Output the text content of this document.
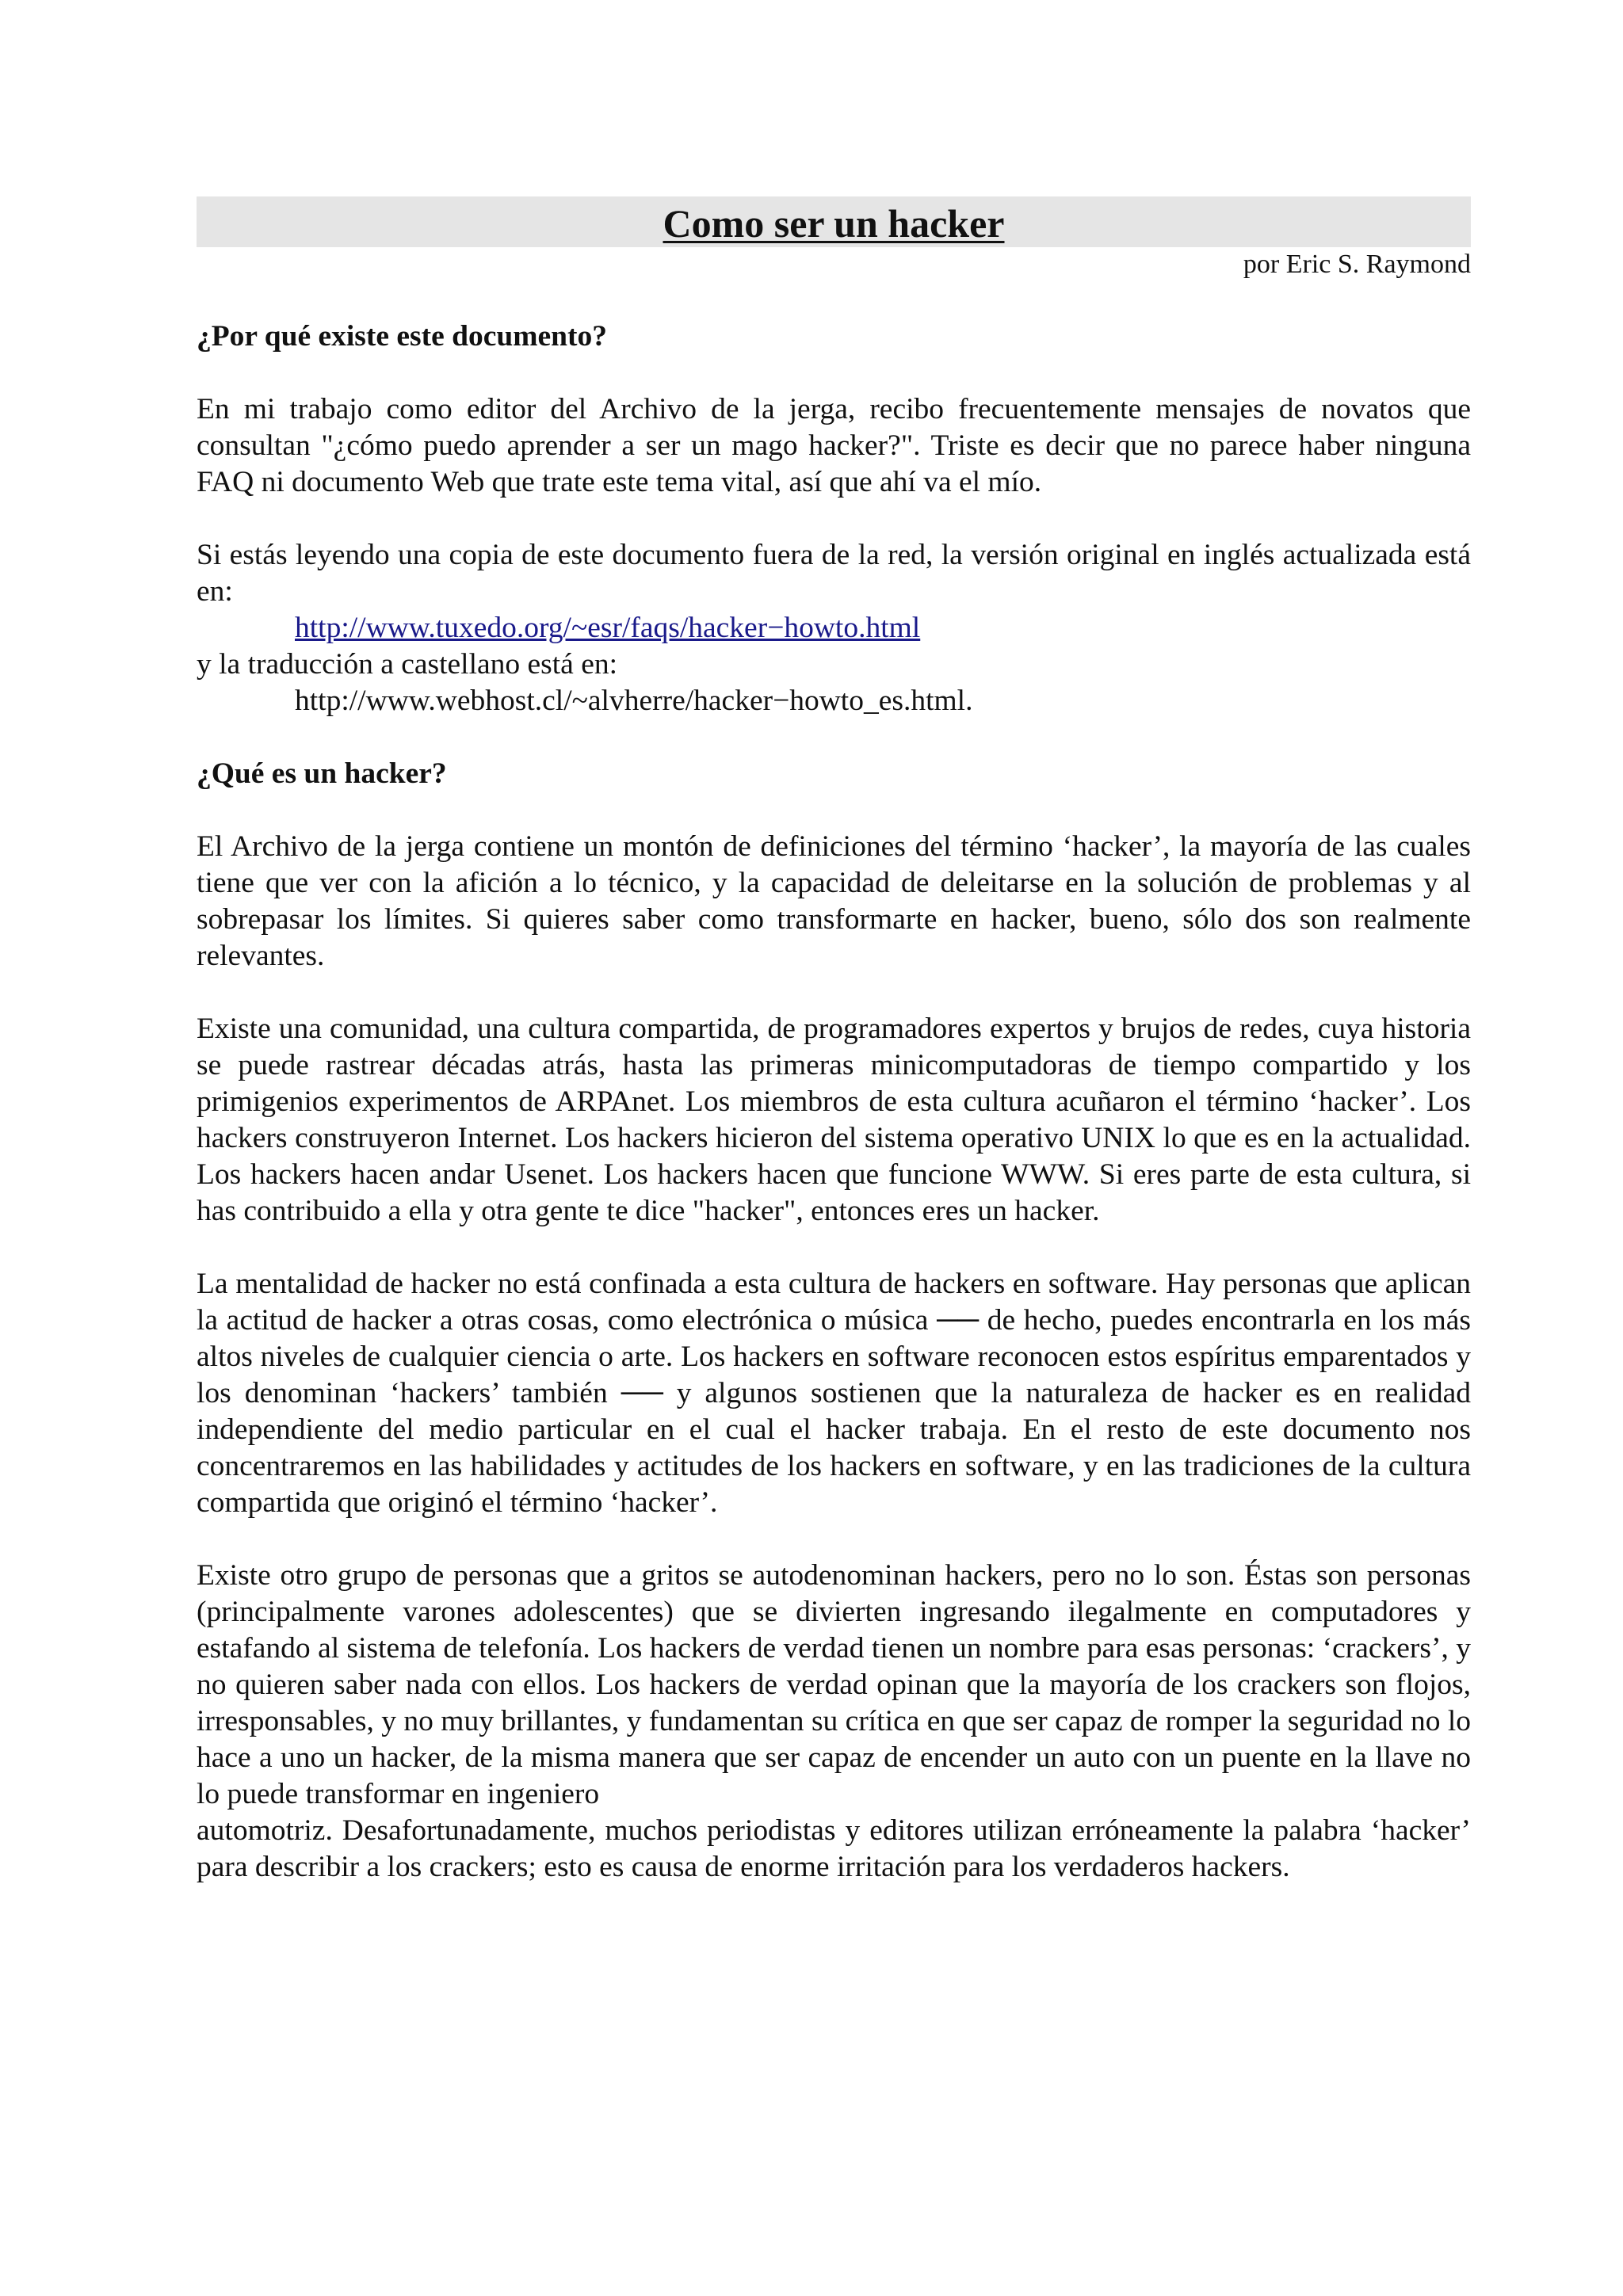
Como ser un hacker
por Eric S. Raymond
¿Por qué existe este documento?

En mi trabajo como editor del Archivo de la jerga, recibo frecuentemente mensajes de novatos que consultan "¿cómo puedo aprender a ser un mago hacker?". Triste es decir que no parece haber ninguna FAQ ni documento Web que trate este tema vital, así que ahí va el mío.

Si estás leyendo una copia de este documento fuera de la red, la versión original en inglés actualizada está en:

http://www.tuxedo.org/~esr/faqs/hacker−howto.html

y la traducción a castellano está en:

http://www.webhost.cl/~alvherre/hacker−howto_es.html.
¿Qué es un hacker?

El Archivo de la jerga contiene un montón de definiciones del término ‘hacker’, la mayoría de las cuales tiene que ver con la afición a lo técnico, y la capacidad de deleitarse en la solución de problemas y al sobrepasar los límites. Si quieres saber como transformarte en hacker, bueno, sólo dos son realmente relevantes.

Existe una comunidad, una cultura compartida, de programadores expertos y brujos de redes, cuya historia se puede rastrear décadas atrás, hasta las primeras minicomputadoras de tiempo compartido y los primigenios experimentos de ARPAnet. Los miembros de esta cultura acuñaron el término ‘hacker’. Los hackers construyeron Internet. Los hackers hicieron del sistema operativo UNIX lo que es en la actualidad. Los hackers hacen andar Usenet. Los hackers hacen que funcione WWW. Si eres parte de esta cultura, si has contribuido a ella y otra gente te dice "hacker", entonces eres un hacker.

La mentalidad de hacker no está confinada a esta cultura de hackers en software. Hay personas que aplican la actitud de hacker a otras cosas, como electrónica o música ── de hecho, puedes encontrarla en los más altos niveles de cualquier ciencia o arte. Los hackers en software reconocen estos espíritus emparentados y los denominan ‘hackers’ también ── y algunos sostienen que la naturaleza de hacker es en realidad independiente del medio particular en el cual el hacker trabaja. En el resto de este documento nos concentraremos en las habilidades y actitudes de los hackers en software, y en las tradiciones de la cultura compartida que originó el término ‘hacker’.

Existe otro grupo de personas que a gritos se autodenominan hackers, pero no lo son. Éstas son personas (principalmente varones adolescentes) que se divierten ingresando ilegalmente en computadores y estafando al sistema de telefonía. Los hackers de verdad tienen un nombre para esas personas: ‘crackers’, y no quieren saber nada con ellos. Los hackers de verdad opinan que la mayoría de los crackers son flojos, irresponsables, y no muy brillantes, y fundamentan su crítica en que ser capaz de romper la seguridad no lo hace a uno un hacker, de la misma manera que ser capaz de encender un auto con un puente en la llave no lo puede transformar en ingeniero

automotriz. Desafortunadamente, muchos periodistas y editores utilizan erróneamente la palabra ‘hacker’ para describir a los crackers; esto es causa de enorme irritación para los verdaderos hackers.
